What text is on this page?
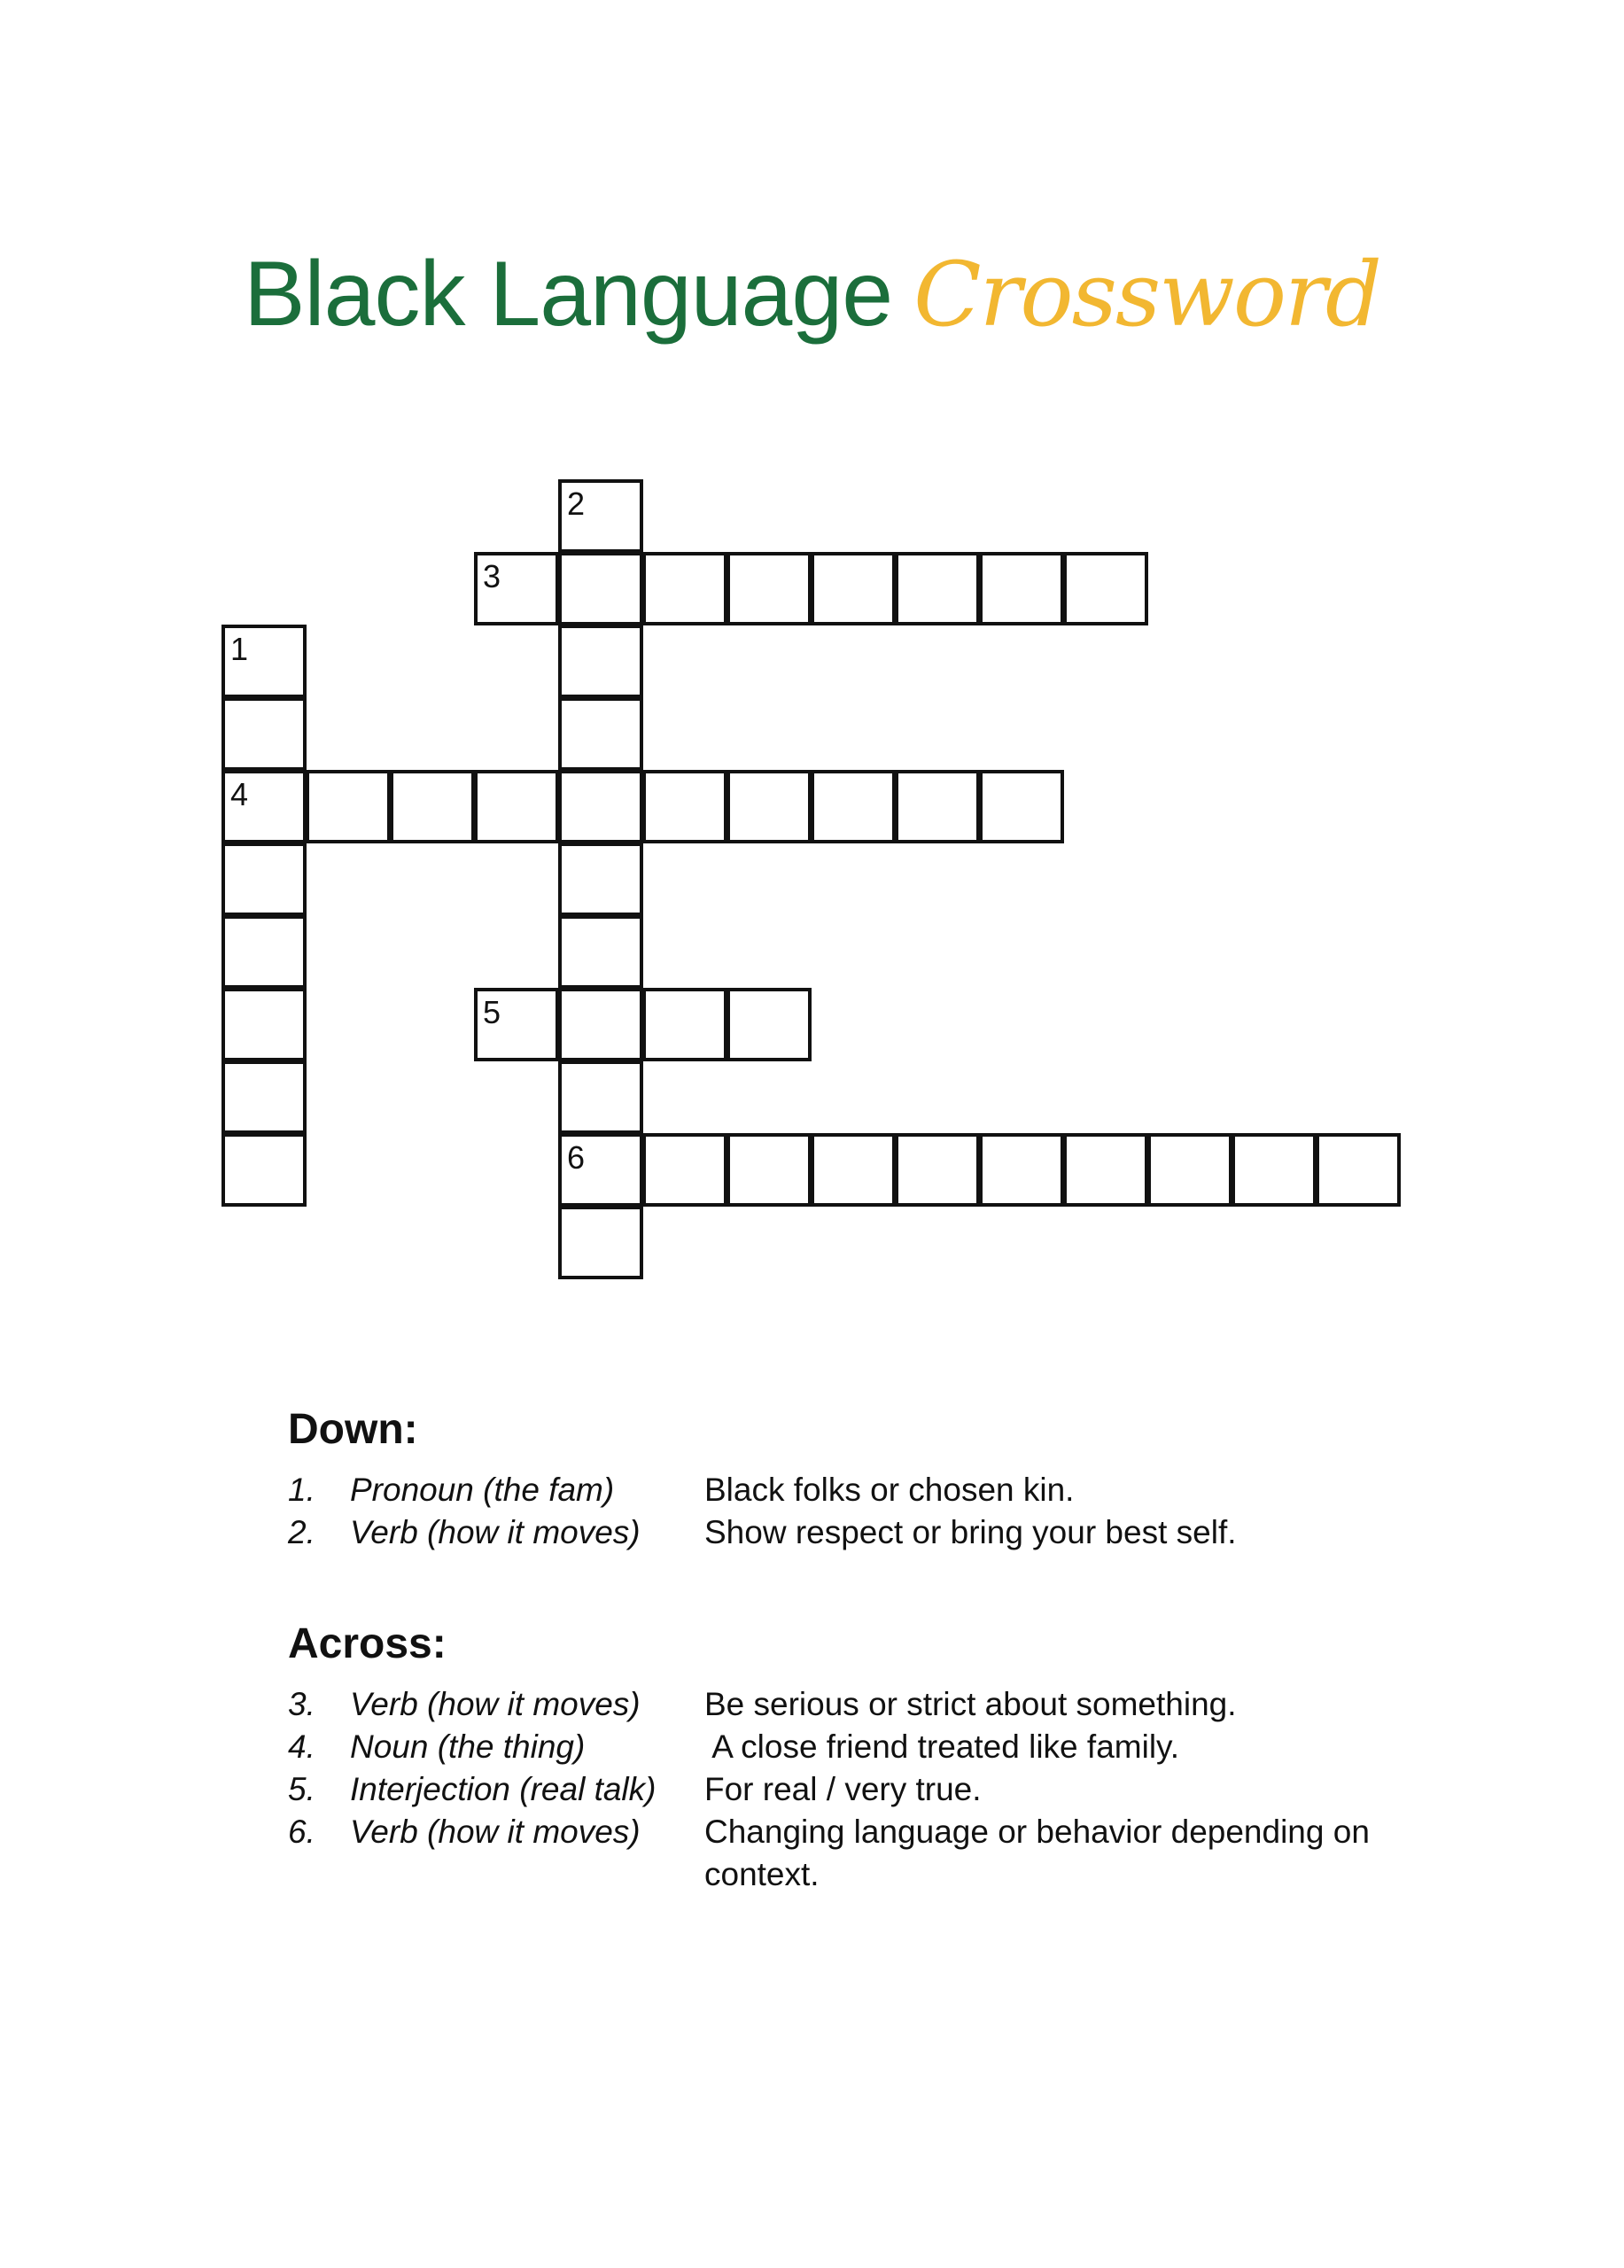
Black Language Crossword
2
3
1
4
5
6
Down:
1.	Pronoun (the fam)	Black folks or chosen kin.
2.	Verb (how it moves)	Show respect or bring your best self.
Across:
3.	Verb (how it moves)	Be serious or strict about something.
4.	Noun (the thing)	A close friend treated like family.
5.	Interjection (real talk)	For real / very true.
6.	Verb (how it moves)	Changing language or behavior depending on context.
